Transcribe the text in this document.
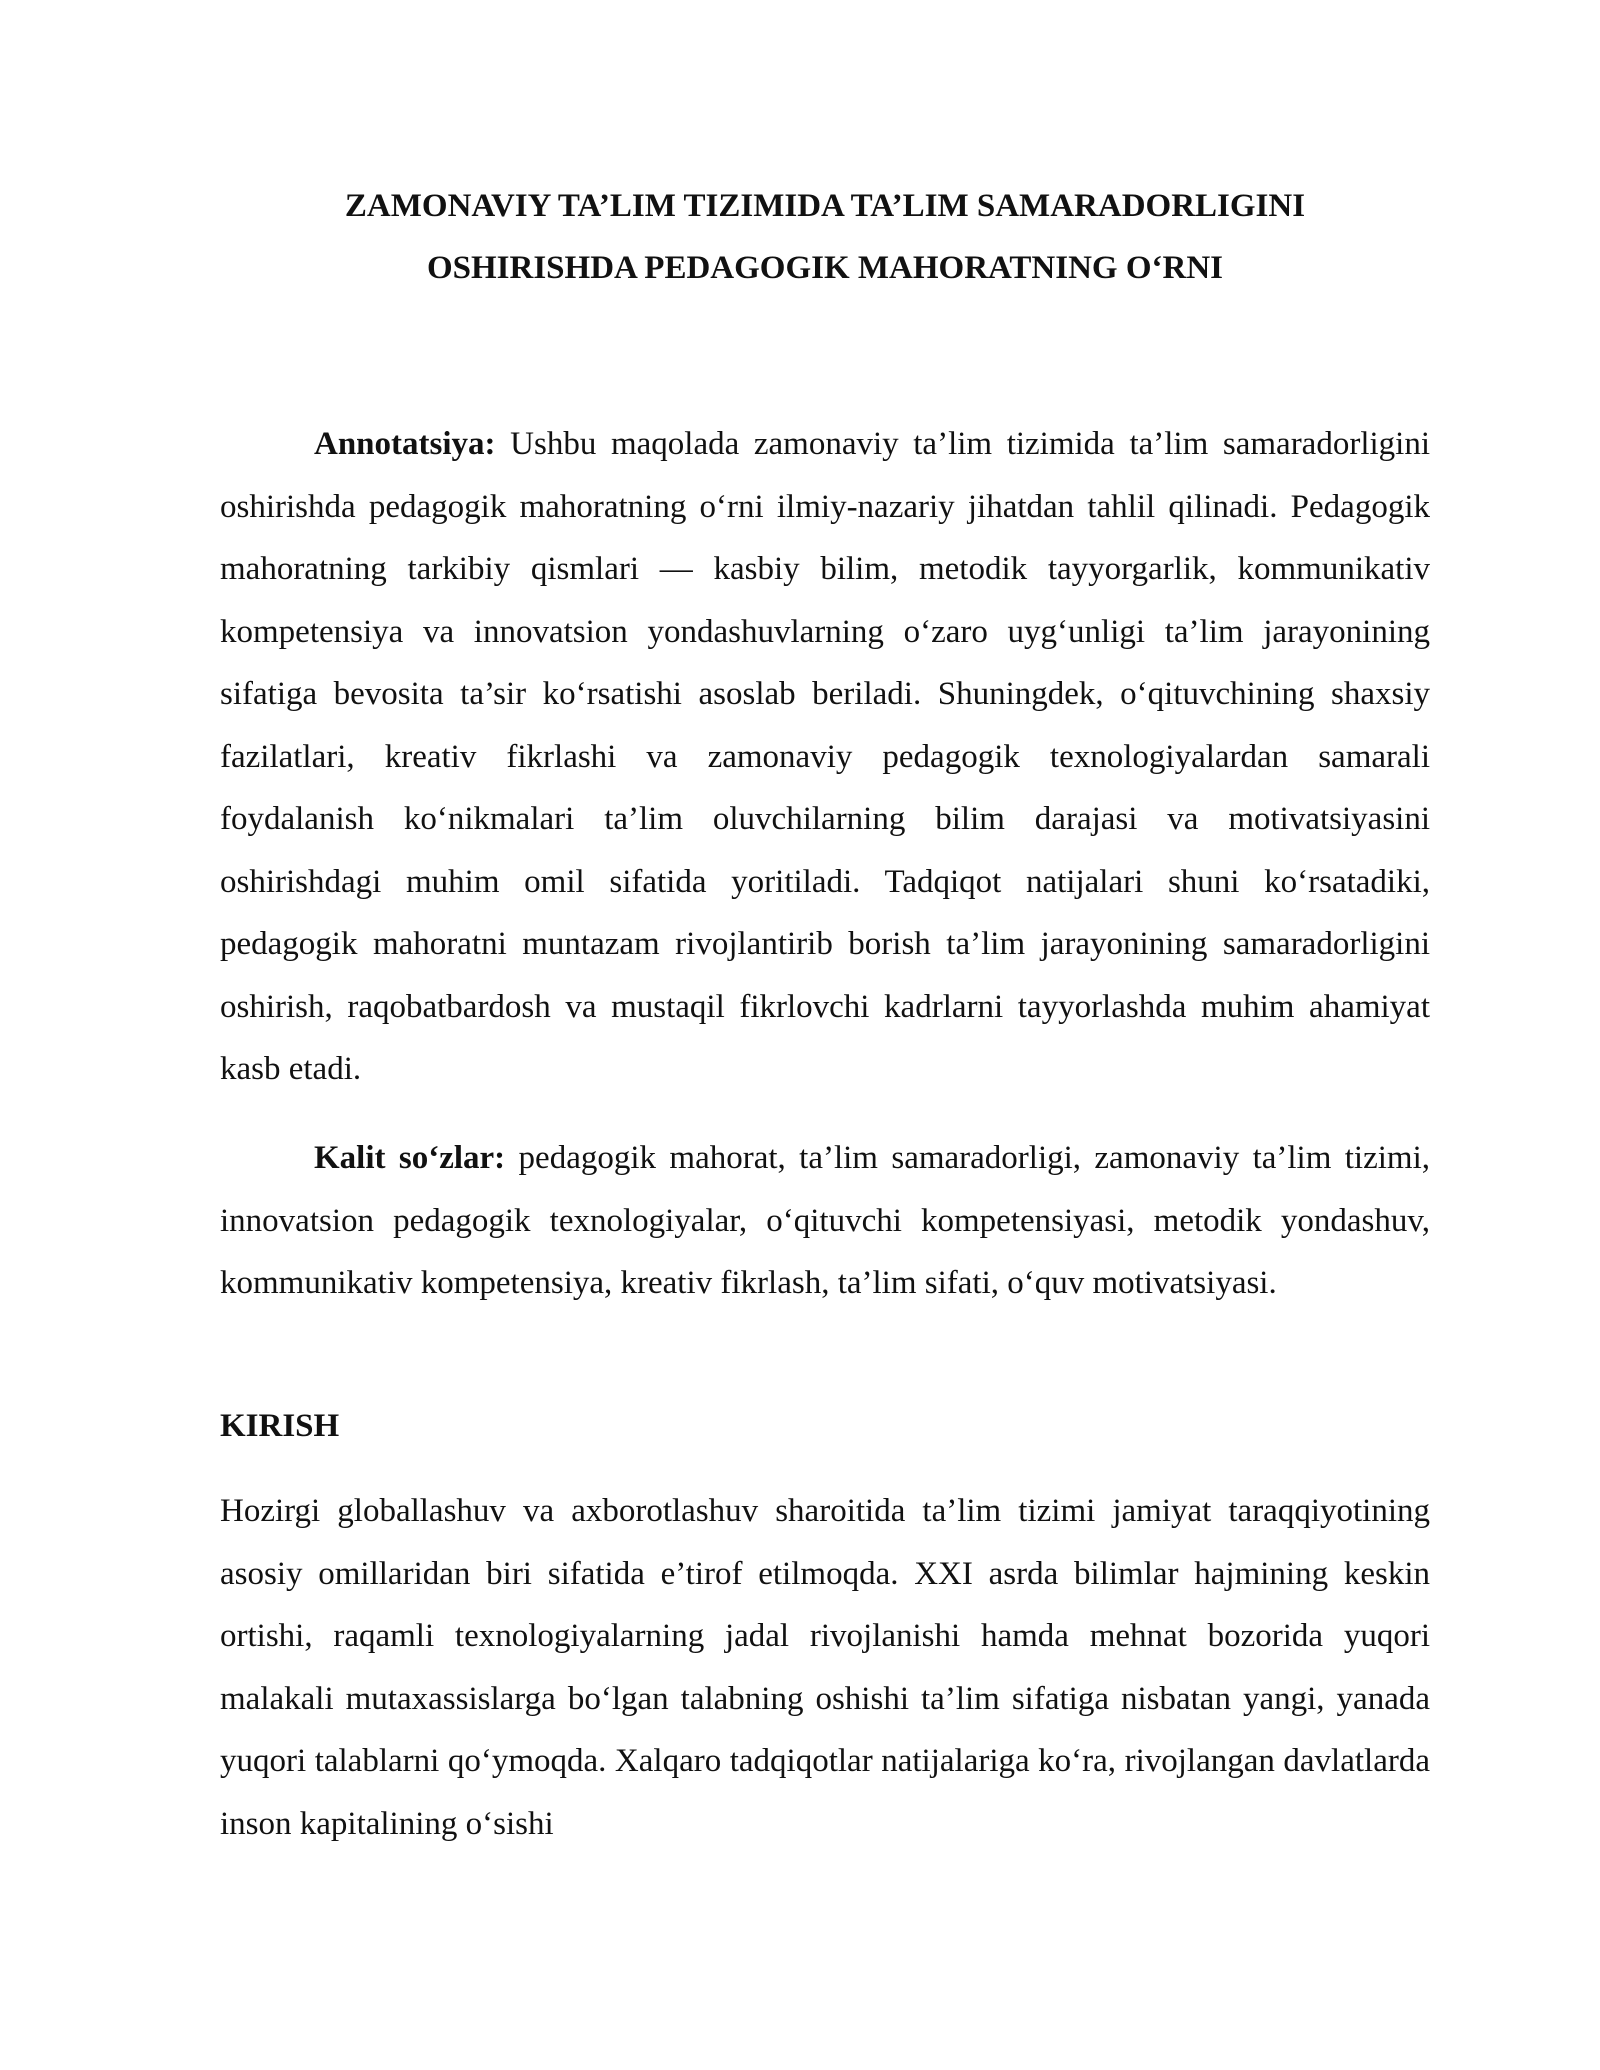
ZAMONAVIY TA’LIM TIZIMIDA TA’LIM SAMARADORLIGINI
OSHIRISHDA PEDAGOGIK MAHORATNING O‘RNI

Annotatsiya: Ushbu maqolada zamonaviy ta’lim tizimida ta’lim samaradorligini oshirishda pedagogik mahoratning o‘rni ilmiy-nazariy jihatdan tahlil qilinadi. Pedagogik mahoratning tarkibiy qismlari — kasbiy bilim, metodik tayyorgarlik, kommunikativ kompetensiya va innovatsion yondashuvlarning o‘zaro uyg‘unligi ta’lim jarayonining sifatiga bevosita ta’sir ko‘rsatishi asoslab beriladi. Shuningdek, o‘qituvchining shaxsiy fazilatlari, kreativ fikrlashi va zamonaviy pedagogik texnologiyalardan samarali foydalanish ko‘nikmalari ta’lim oluvchilarning bilim darajasi va motivatsiyasini oshirishdagi muhim omil sifatida yoritiladi. Tadqiqot natijalari shuni ko‘rsatadiki, pedagogik mahoratni muntazam rivojlantirib borish ta’lim jarayonining samaradorligini oshirish, raqobatbardosh va mustaqil fikrlovchi kadrlarni tayyorlashda muhim ahamiyat kasb etadi.

Kalit so‘zlar: pedagogik mahorat, ta’lim samaradorligi, zamonaviy ta’lim tizimi, innovatsion pedagogik texnologiyalar, o‘qituvchi kompetensiyasi, metodik yondashuv, kommunikativ kompetensiya, kreativ fikrlash, ta’lim sifati, o‘quv motivatsiyasi.

KIRISH

Hozirgi globallashuv va axborotlashuv sharoitida ta’lim tizimi jamiyat taraqqiyotining asosiy omillaridan biri sifatida e’tirof etilmoqda. XXI asrda bilimlar hajmining keskin ortishi, raqamli texnologiyalarning jadal rivojlanishi hamda mehnat bozorida yuqori malakali mutaxassislarga bo‘lgan talabning oshishi ta’lim sifatiga nisbatan yangi, yanada yuqori talablarni qo‘ymoqda. Xalqaro tadqiqotlar natijalariga ko‘ra, rivojlangan davlatlarda inson kapitalining o‘sishi
